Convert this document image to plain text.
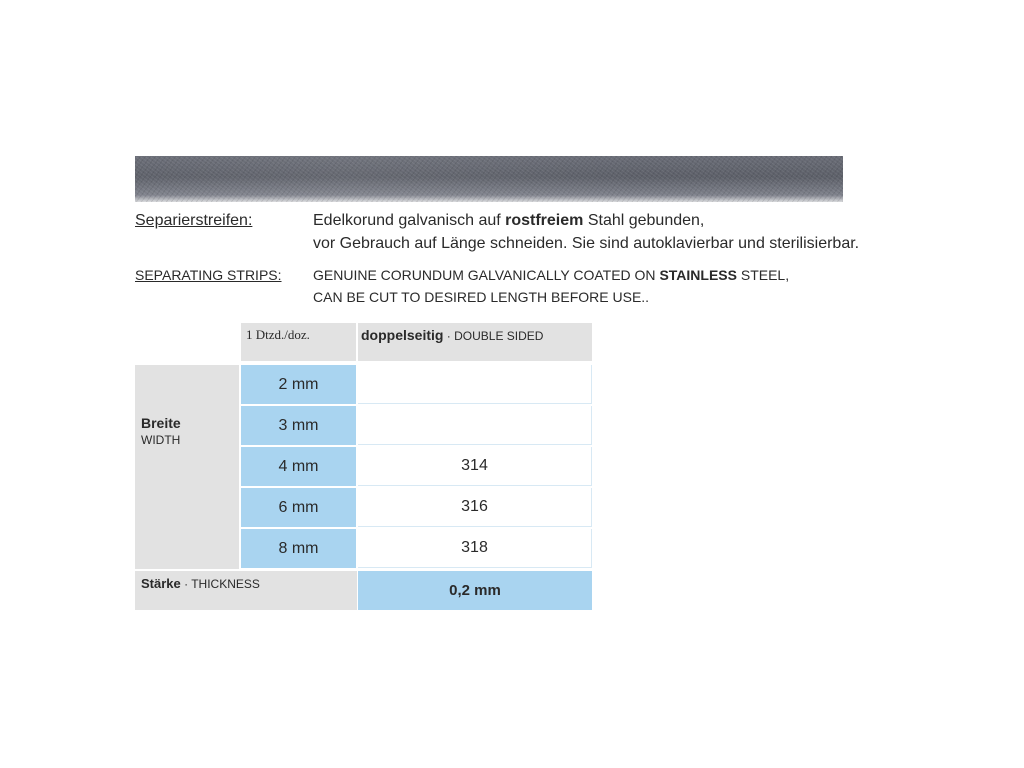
Separierstreifen:	Edelkorund galvanisch auf rostfreiem Stahl gebunden,
vor Gebrauch auf Länge schneiden. Sie sind autoklavierbar und sterilisierbar.
SEPARATING STRIPS: GENUINE CORUNDUM GALVANICALLY COATED ON STAINLESS STEEL,
CAN BE CUT TO DESIRED LENGTH BEFORE USE..
1 Dtzd./doz.	doppelseitig · DOUBLE SIDED
Breite
WIDTH
2 mm
3 mm
4 mm	314
6 mm	316
8 mm	318
Stärke · THICKNESS	0,2 mm
